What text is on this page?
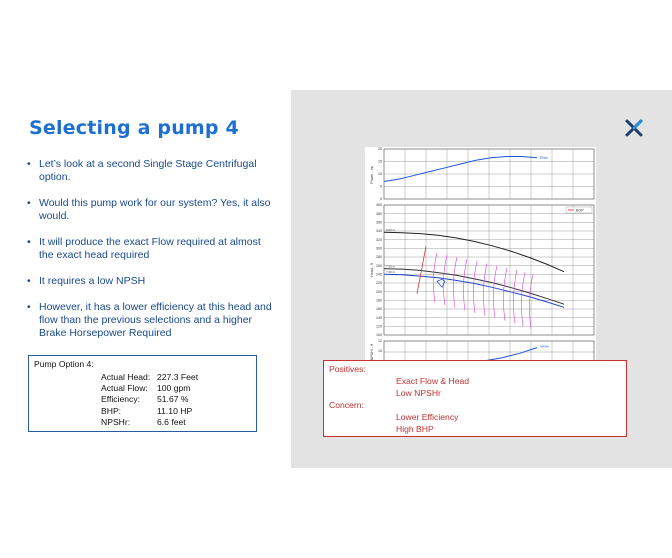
Selecting a pump 4
• Let’s look at a second Single Stage Centrifugal option.
• Would this pump work for our system? Yes, it also would.
• It will produce the exact Flow required at almost the exact head required
• It requires a low NPSH
• However, it has a lower efficiency at this head and flow than the previous selections and a higher Brake Horsepower Required
Pump Option 4:
Actual Head: 227.3 Feet
Actual Flow:	100 gpm
Efficiency:	51.67 %
BHP:	11.10 HP
NPSHr:	6.6 feet
20
15
10
5
0
Rhm
Power - hp
400
380
360
340
320
300
280
260
240
220
200
180
160
140
120
100
Head - ft
BOP
9.00 in
7.50 in
7.00 in
12
10
NPSHr - ft	NPSHr
Positives:
Exact Flow & Head
Low NPSHr
Concern:
Lower Efficiency
High BHP
